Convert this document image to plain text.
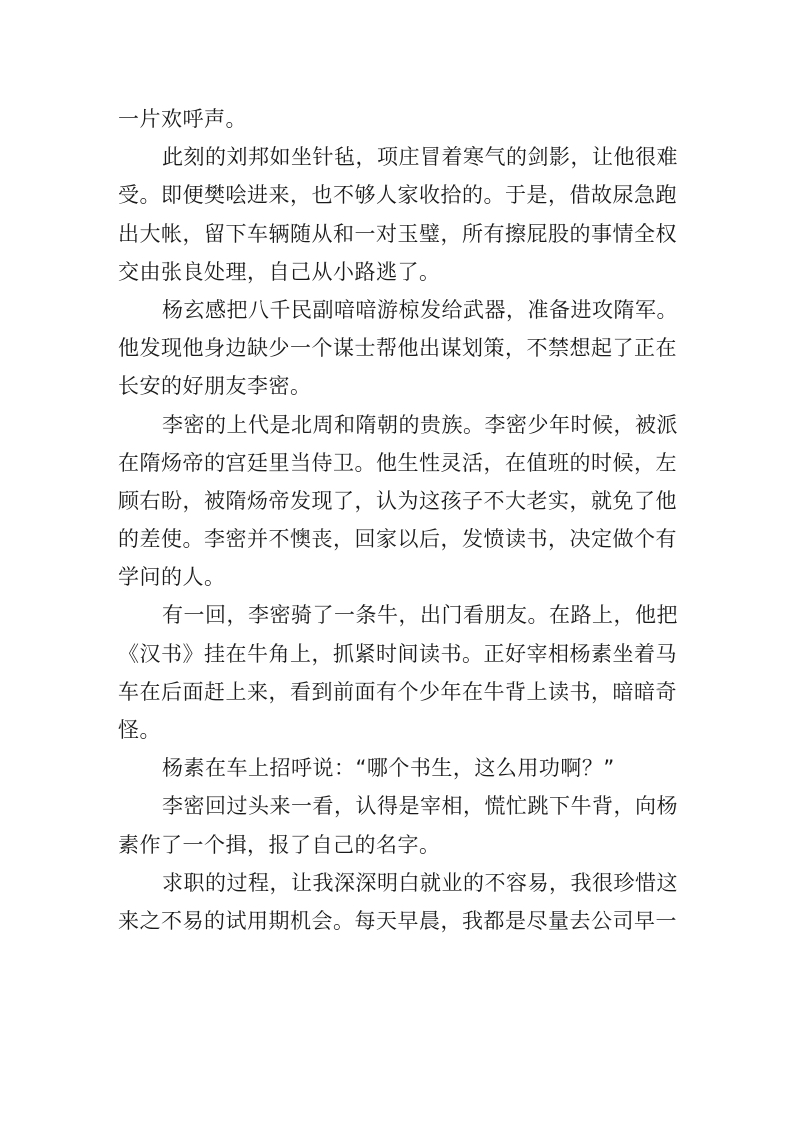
一片欢呼声。
此刻的刘邦如坐针毡，项庄冒着寒气的剑影，让他很难
受。即便樊哙进来，也不够人家收拾的。于是，借故尿急跑
出大帐，留下车辆随从和一对玉璧，所有擦屁股的事情全权
交由张良处理，自己从小路逃了。
杨玄感把八千民副喑喑游椋发给武器，准备进攻隋军。
他发现他身边缺少一个谋士帮他出谋划策，不禁想起了正在
长安的好朋友李密。
李密的上代是北周和隋朝的贵族。李密少年时候，被派
在隋炀帝的宫廷里当侍卫。他生性灵活，在值班的时候，左
顾右盼，被隋炀帝发现了，认为这孩子不大老实，就免了他
的差使。李密并不懊丧，回家以后，发愤读书，决定做个有
学问的人。
有一回，李密骑了一条牛，出门看朋友。在路上，他把
《汉书》挂在牛角上，抓紧时间读书。正好宰相杨素坐着马
车在后面赶上来，看到前面有个少年在牛背上读书，暗暗奇
怪。
杨素在车上招呼说：“哪个书生，这么用功啊？”
李密回过头来一看，认得是宰相，慌忙跳下牛背，向杨
素作了一个揖，报了自己的名字。
求职的过程，让我深深明白就业的不容易，我很珍惜这
来之不易的试用期机会。每天早晨，我都是尽量去公司早一
